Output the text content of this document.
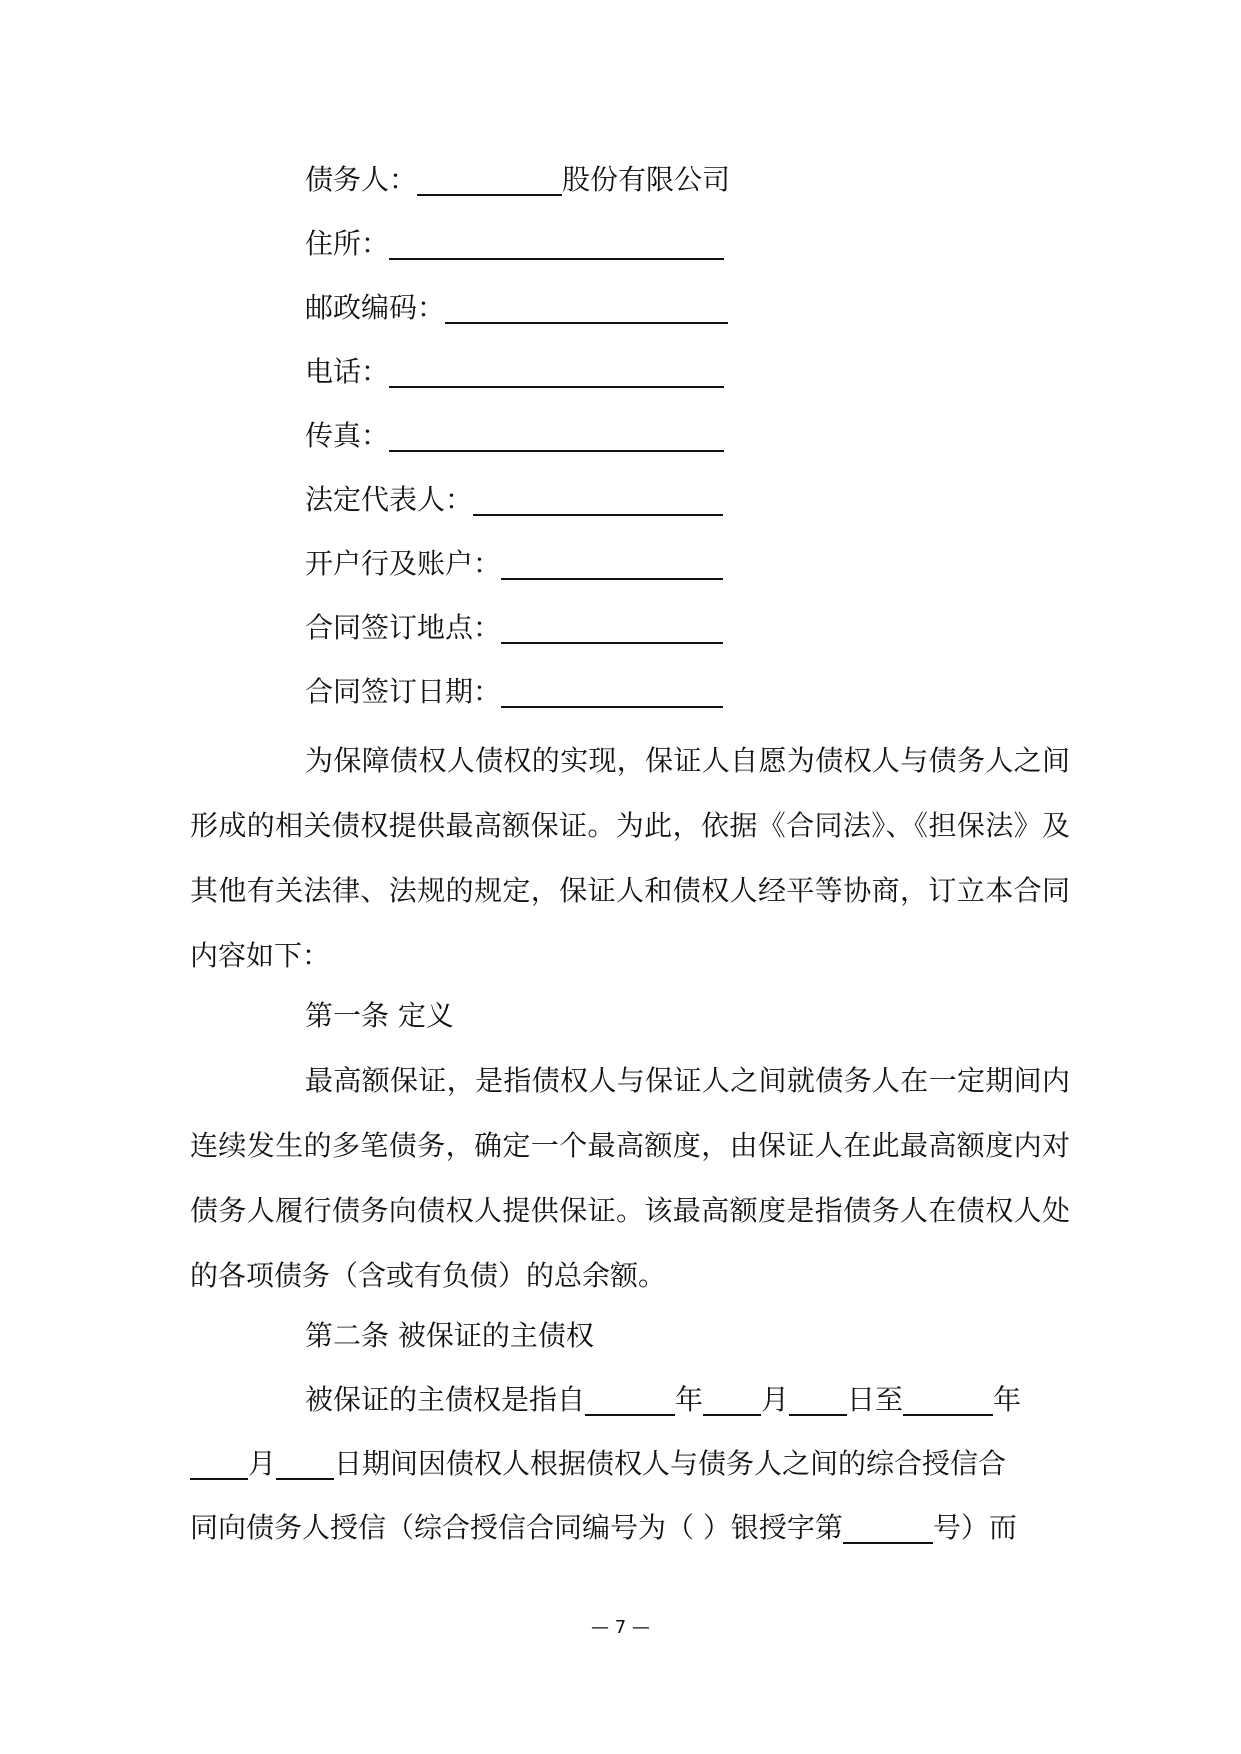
债务人：	股份有限公司
住所：
邮政编码：
电话：
传真：
法定代表人：
开户行及账户：
合同签订地点：
合同签订日期：

为保障债权人债权的实现，保证人自愿为债权人与债务人之间形成的相关债权提供最高额保证。为此，依据《合同法》、《担保法》及其他有关法律、法规的规定，保证人和债权人经平等协商，订立本合同内容如下：

第一条 定义

最高额保证，是指债权人与保证人之间就债务人在一定期间内连续发生的多笔债务，确定一个最高额度，由保证人在此最高额度内对债务人履行债务向债权人提供保证。该最高额度是指债务人在债权人处的各项债务（含或有负债）的总余额。

第二条 被保证的主债权
被保证的主债权是指自	年 月 日至	年
月 日期间因债权人根据债权人与债务人之间的综合授信合
同向债务人授信（综合授信合同编号为（ ）银授字第	号）而
— 7 —
